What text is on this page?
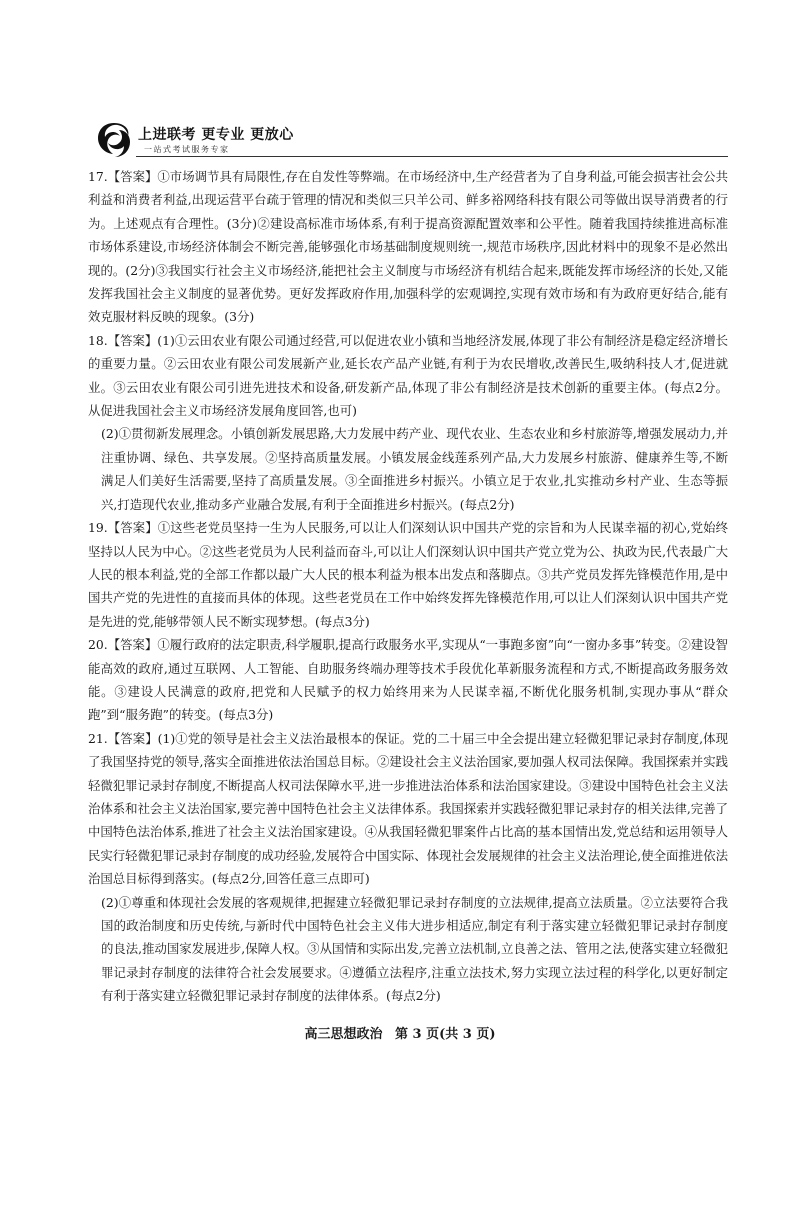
上进联考 更专业 更放心
一站式考试服务专家

17.【答案】①市场调节具有局限性,存在自发性等弊端。在市场经济中,生产经营者为了自身利益,可能会损害社会公共利益和消费者利益,出现运营平台疏于管理的情况和类似三只羊公司、鲜多裕网络科技有限公司等做出误导消费者的行为。上述观点有合理性。(3分)②建设高标准市场体系,有利于提高资源配置效率和公平性。随着我国持续推进高标准市场体系建设,市场经济体制会不断完善,能够强化市场基础制度规则统一,规范市场秩序,因此材料中的现象不是必然出现的。(2分)③我国实行社会主义市场经济,能把社会主义制度与市场经济有机结合起来,既能发挥市场经济的长处,又能发挥我国社会主义制度的显著优势。更好发挥政府作用,加强科学的宏观调控,实现有效市场和有为政府更好结合,能有效克服材料反映的现象。(3分)

18.【答案】(1)①云田农业有限公司通过经营,可以促进农业小镇和当地经济发展,体现了非公有制经济是稳定经济增长的重要力量。②云田农业有限公司发展新产业,延长农产品产业链,有利于为农民增收,改善民生,吸纳科技人才,促进就业。③云田农业有限公司引进先进技术和设备,研发新产品,体现了非公有制经济是技术创新的重要主体。(每点2分。从促进我国社会主义市场经济发展角度回答,也可)

(2)①贯彻新发展理念。小镇创新发展思路,大力发展中药产业、现代农业、生态农业和乡村旅游等,增强发展动力,并注重协调、绿色、共享发展。②坚持高质量发展。小镇发展金线莲系列产品,大力发展乡村旅游、健康养生等,不断满足人们美好生活需要,坚持了高质量发展。③全面推进乡村振兴。小镇立足于农业,扎实推动乡村产业、生态等振兴,打造现代农业,推动多产业融合发展,有利于全面推进乡村振兴。(每点2分)

19.【答案】①这些老党员坚持一生为人民服务,可以让人们深刻认识中国共产党的宗旨和为人民谋幸福的初心,党始终坚持以人民为中心。②这些老党员为人民利益而奋斗,可以让人们深刻认识中国共产党立党为公、执政为民,代表最广大人民的根本利益,党的全部工作都以最广大人民的根本利益为根本出发点和落脚点。③共产党员发挥先锋模范作用,是中国共产党的先进性的直接而具体的体现。这些老党员在工作中始终发挥先锋模范作用,可以让人们深刻认识中国共产党是先进的党,能够带领人民不断实现梦想。(每点3分)

20.【答案】①履行政府的法定职责,科学履职,提高行政服务水平,实现从“一事跑多窗”向“一窗办多事”转变。②建设智能高效的政府,通过互联网、人工智能、自助服务终端办理等技术手段优化革新服务流程和方式,不断提高政务服务效能。③建设人民满意的政府,把党和人民赋予的权力始终用来为人民谋幸福,不断优化服务机制,实现办事从“群众跑”到“服务跑”的转变。(每点3分)

21.【答案】(1)①党的领导是社会主义法治最根本的保证。党的二十届三中全会提出建立轻微犯罪记录封存制度,体现了我国坚持党的领导,落实全面推进依法治国总目标。②建设社会主义法治国家,要加强人权司法保障。我国探索并实践轻微犯罪记录封存制度,不断提高人权司法保障水平,进一步推进法治体系和法治国家建设。③建设中国特色社会主义法治体系和社会主义法治国家,要完善中国特色社会主义法律体系。我国探索并实践轻微犯罪记录封存的相关法律,完善了中国特色法治体系,推进了社会主义法治国家建设。④从我国轻微犯罪案件占比高的基本国情出发,党总结和运用领导人民实行轻微犯罪记录封存制度的成功经验,发展符合中国实际、体现社会发展规律的社会主义法治理论,使全面推进依法治国总目标得到落实。(每点2分,回答任意三点即可)

(2)①尊重和体现社会发展的客观规律,把握建立轻微犯罪记录封存制度的立法规律,提高立法质量。②立法要符合我国的政治制度和历史传统,与新时代中国特色社会主义伟大进步相适应,制定有利于落实建立轻微犯罪记录封存制度的良法,推动国家发展进步,保障人权。③从国情和实际出发,完善立法机制,立良善之法、管用之法,使落实建立轻微犯罪记录封存制度的法律符合社会发展要求。④遵循立法程序,注重立法技术,努力实现立法过程的科学化,以更好制定有利于落实建立轻微犯罪记录封存制度的法律体系。(每点2分)

高三思想政治 第 3 页(共 3 页)
